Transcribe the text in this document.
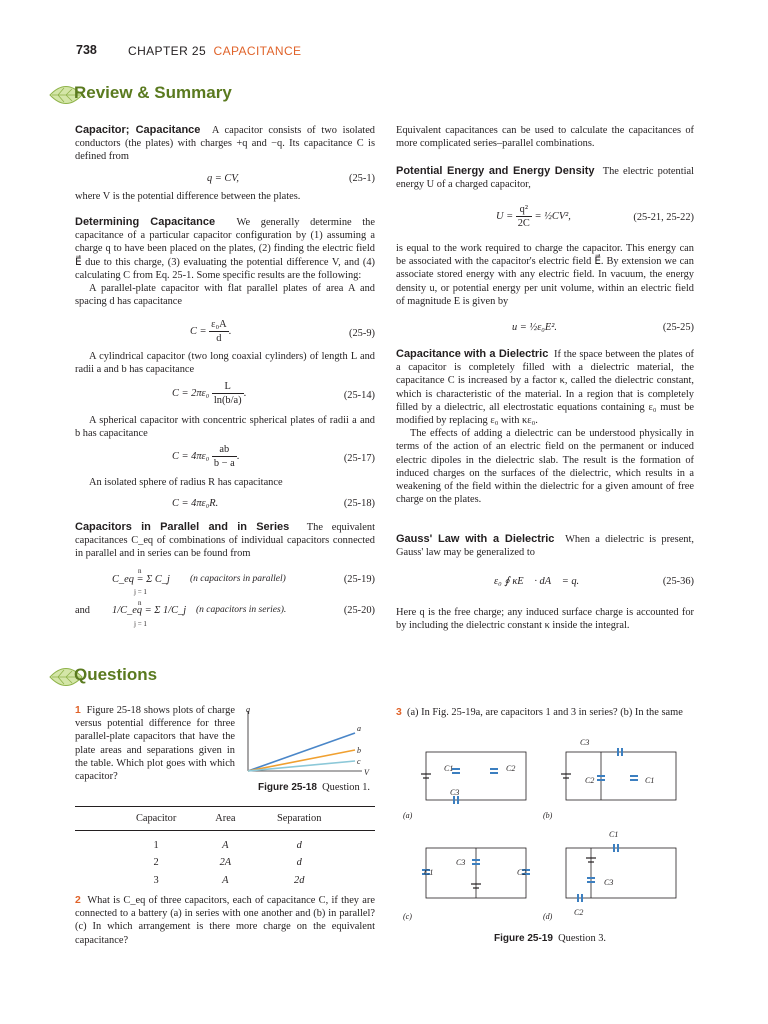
738	CHAPTER 25 CAPACITANCE
Review & Summary

Capacitor; Capacitance A capacitor consists of two isolated conductors (the plates) with charges +q and −q. Its capacitance C is defined from

q = CV,	(25-1)
where V is the potential difference between the plates.

Determining Capacitance We generally determine the capacitance of a particular capacitor configuration by (1) assuming a charge q to have been placed on the plates, (2) finding the electric field E⃗ due to this charge, (3) evaluating the potential difference V, and (4) calculating C from Eq. 25-1. Some specific results are the following:

A parallel-plate capacitor with flat parallel plates of area A and spacing d has capacitance

$C = \frac{\text{ε₀A}}{d}$ .	(25-9)
A cylindrical capacitor (two long coaxial cylinders) of length L and radii a and b has capacitance
$C = 2\pi\varepsilon_0 \frac{L}{\ln(b/a)}$ .	(25-14)
A spherical capacitor with concentric spherical plates of radii a and b has capacitance
$C = 4\pi\varepsilon_0 \frac{ab}{b - a}$ .	(25-17)
An isolated sphere of radius R has capacitance
C = 4πε₀R.	(25-18)

Capacitors in Parallel and in Series The equivalent capacitances C_eq of combinations of individual capacitors connected in parallel and in series can be found from

n
C_eq = Σ C_j
j = 1
(n capacitors in parallel)	(25-19)
and
n
1/C_eq = Σ 1/C_j
j = 1
(n capacitors in series).	(25-20)
Equivalent capacitances can be used to calculate the capacitances of more complicated series–parallel combinations.

Potential Energy and Energy Density The electric potential energy U of a charged capacitor,

$U = \frac{\text{q²}}{2C}$ = ½CV²,	(25-21, 25-22)
is equal to the work required to charge the capacitor. This energy can be associated with the capacitor's electric field E⃗. By extension we can associate stored energy with any electric field. In vacuum, the energy density u, or potential energy per unit volume, within an electric field of magnitude E is given by
u = ½ε₀E².	(25-25)

Capacitance with a Dielectric If the space between the plates of a capacitor is completely filled with a dielectric material, the capacitance C is increased by a factor κ, called the dielectric constant, which is characteristic of the material. In a region that is completely filled by a dielectric, all electrostatic equations containing ε₀ must be modified by replacing ε₀ with κε₀.

The effects of adding a dielectric can be understood physically in terms of the action of an electric field on the permanent or induced electric dipoles in the dielectric slab. The result is the formation of induced charges on the surfaces of the dielectric, which results in a weakening of the field within the dielectric for a given amount of free charge on the plates.

Gauss' Law with a Dielectric When a dielectric is present, Gauss' law may be generalized to

ε₀ ∮ κE⃗ · dA⃗ = q.	(25-36)
Here q is the free charge; any induced surface charge is accounted for by including the dielectric constant κ inside the integral.
Questions

1 Figure 25-18 shows plots of charge versus potential difference for three parallel-plate capacitors that have the plate areas and separations given in the table. Which plot goes with which capacitor?

q
V
a
b
c
Figure 25-18 Question 1.
Capacitor	Area	Separation

1	A	d
2	2A	d
3	A	2d

2 What is C_eq of three capacitors, each of capacitance C, if they are connected to a battery (a) in series with one another and (b) in parallel? (c) In which arrangement is there more charge on the equivalent capacitance?

3 (a) In Fig. 25-19a, are capacitors 1 and 3 in series? (b) In the same

(a)	(b)
(c)	(d)
C1	C2
C3
C3
C2	C1
C1
C3
C2
C1
C3
C2
Figure 25-19 Question 3.
